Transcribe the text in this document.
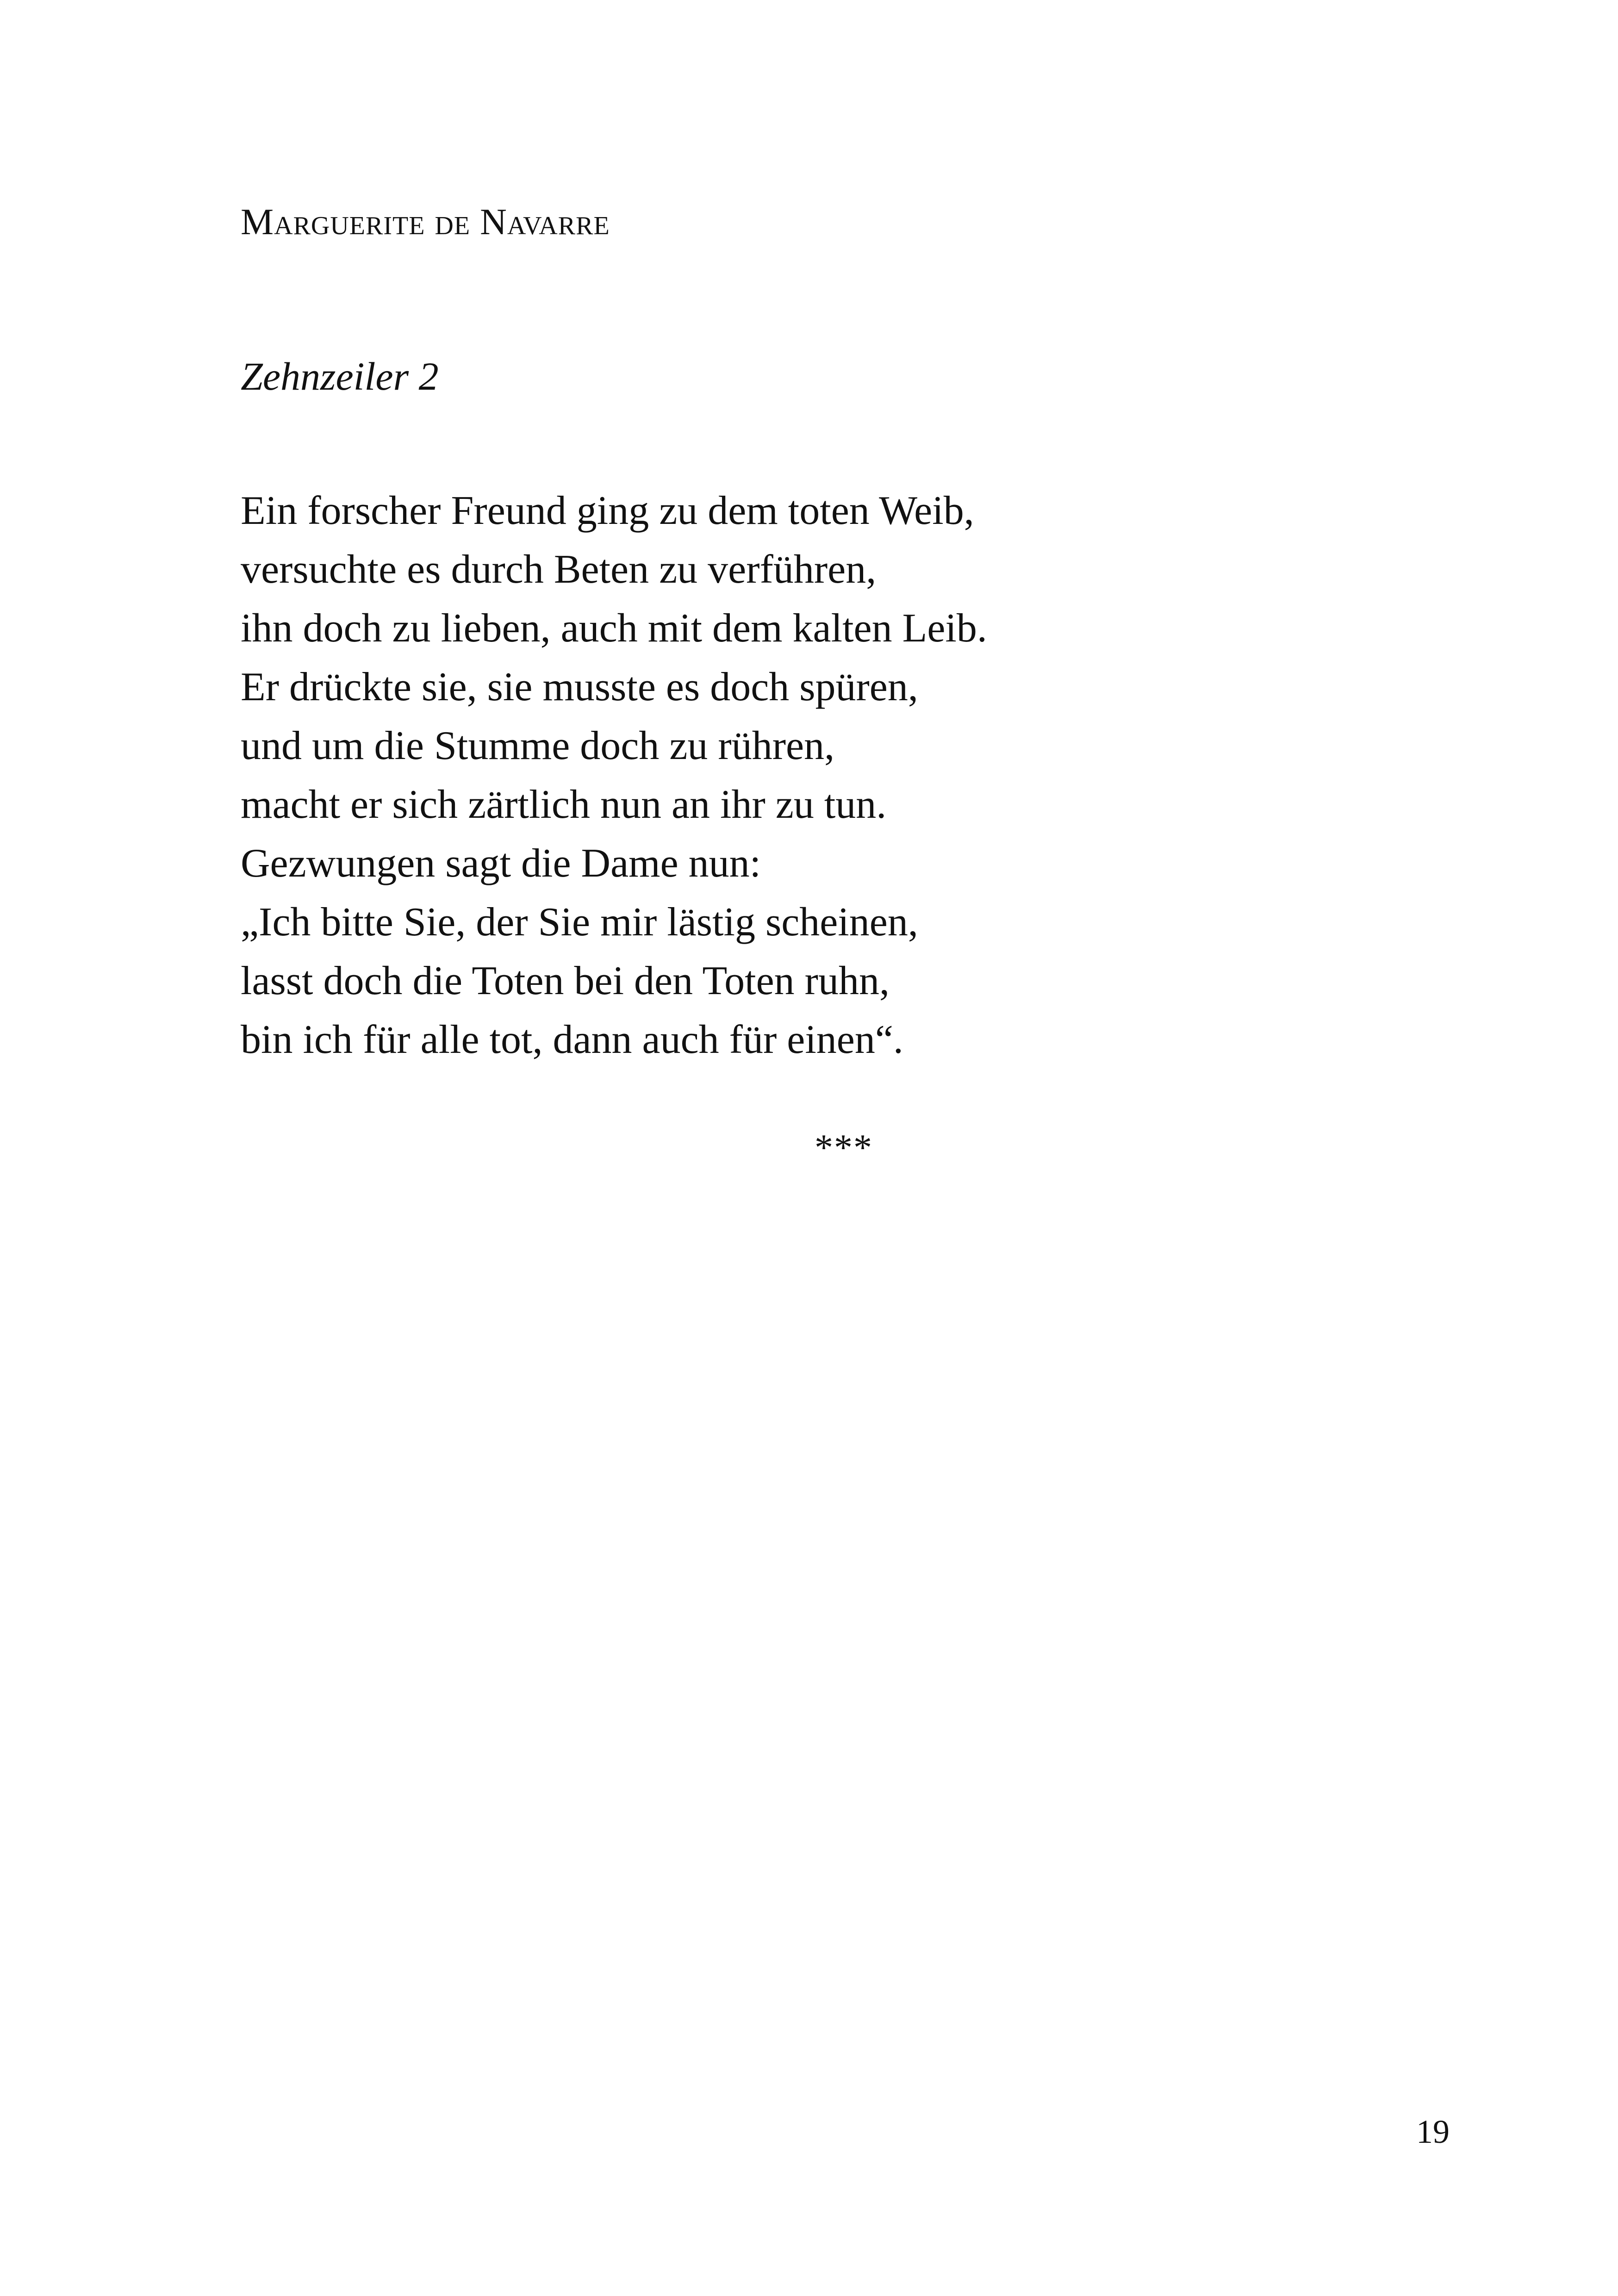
Marguerite de Navarre
Zehnzeiler 2
Ein forscher Freund ging zu dem toten Weib,
versuchte es durch Beten zu verführen,
ihn doch zu lieben, auch mit dem kalten Leib.
Er drückte sie, sie musste es doch spüren,
und um die Stumme doch zu rühren,
macht er sich zärtlich nun an ihr zu tun.
Gezwungen sagt die Dame nun:
„Ich bitte Sie, der Sie mir lästig scheinen,
lasst doch die Toten bei den Toten ruhn,
bin ich für alle tot, dann auch für einen“.
***
19
